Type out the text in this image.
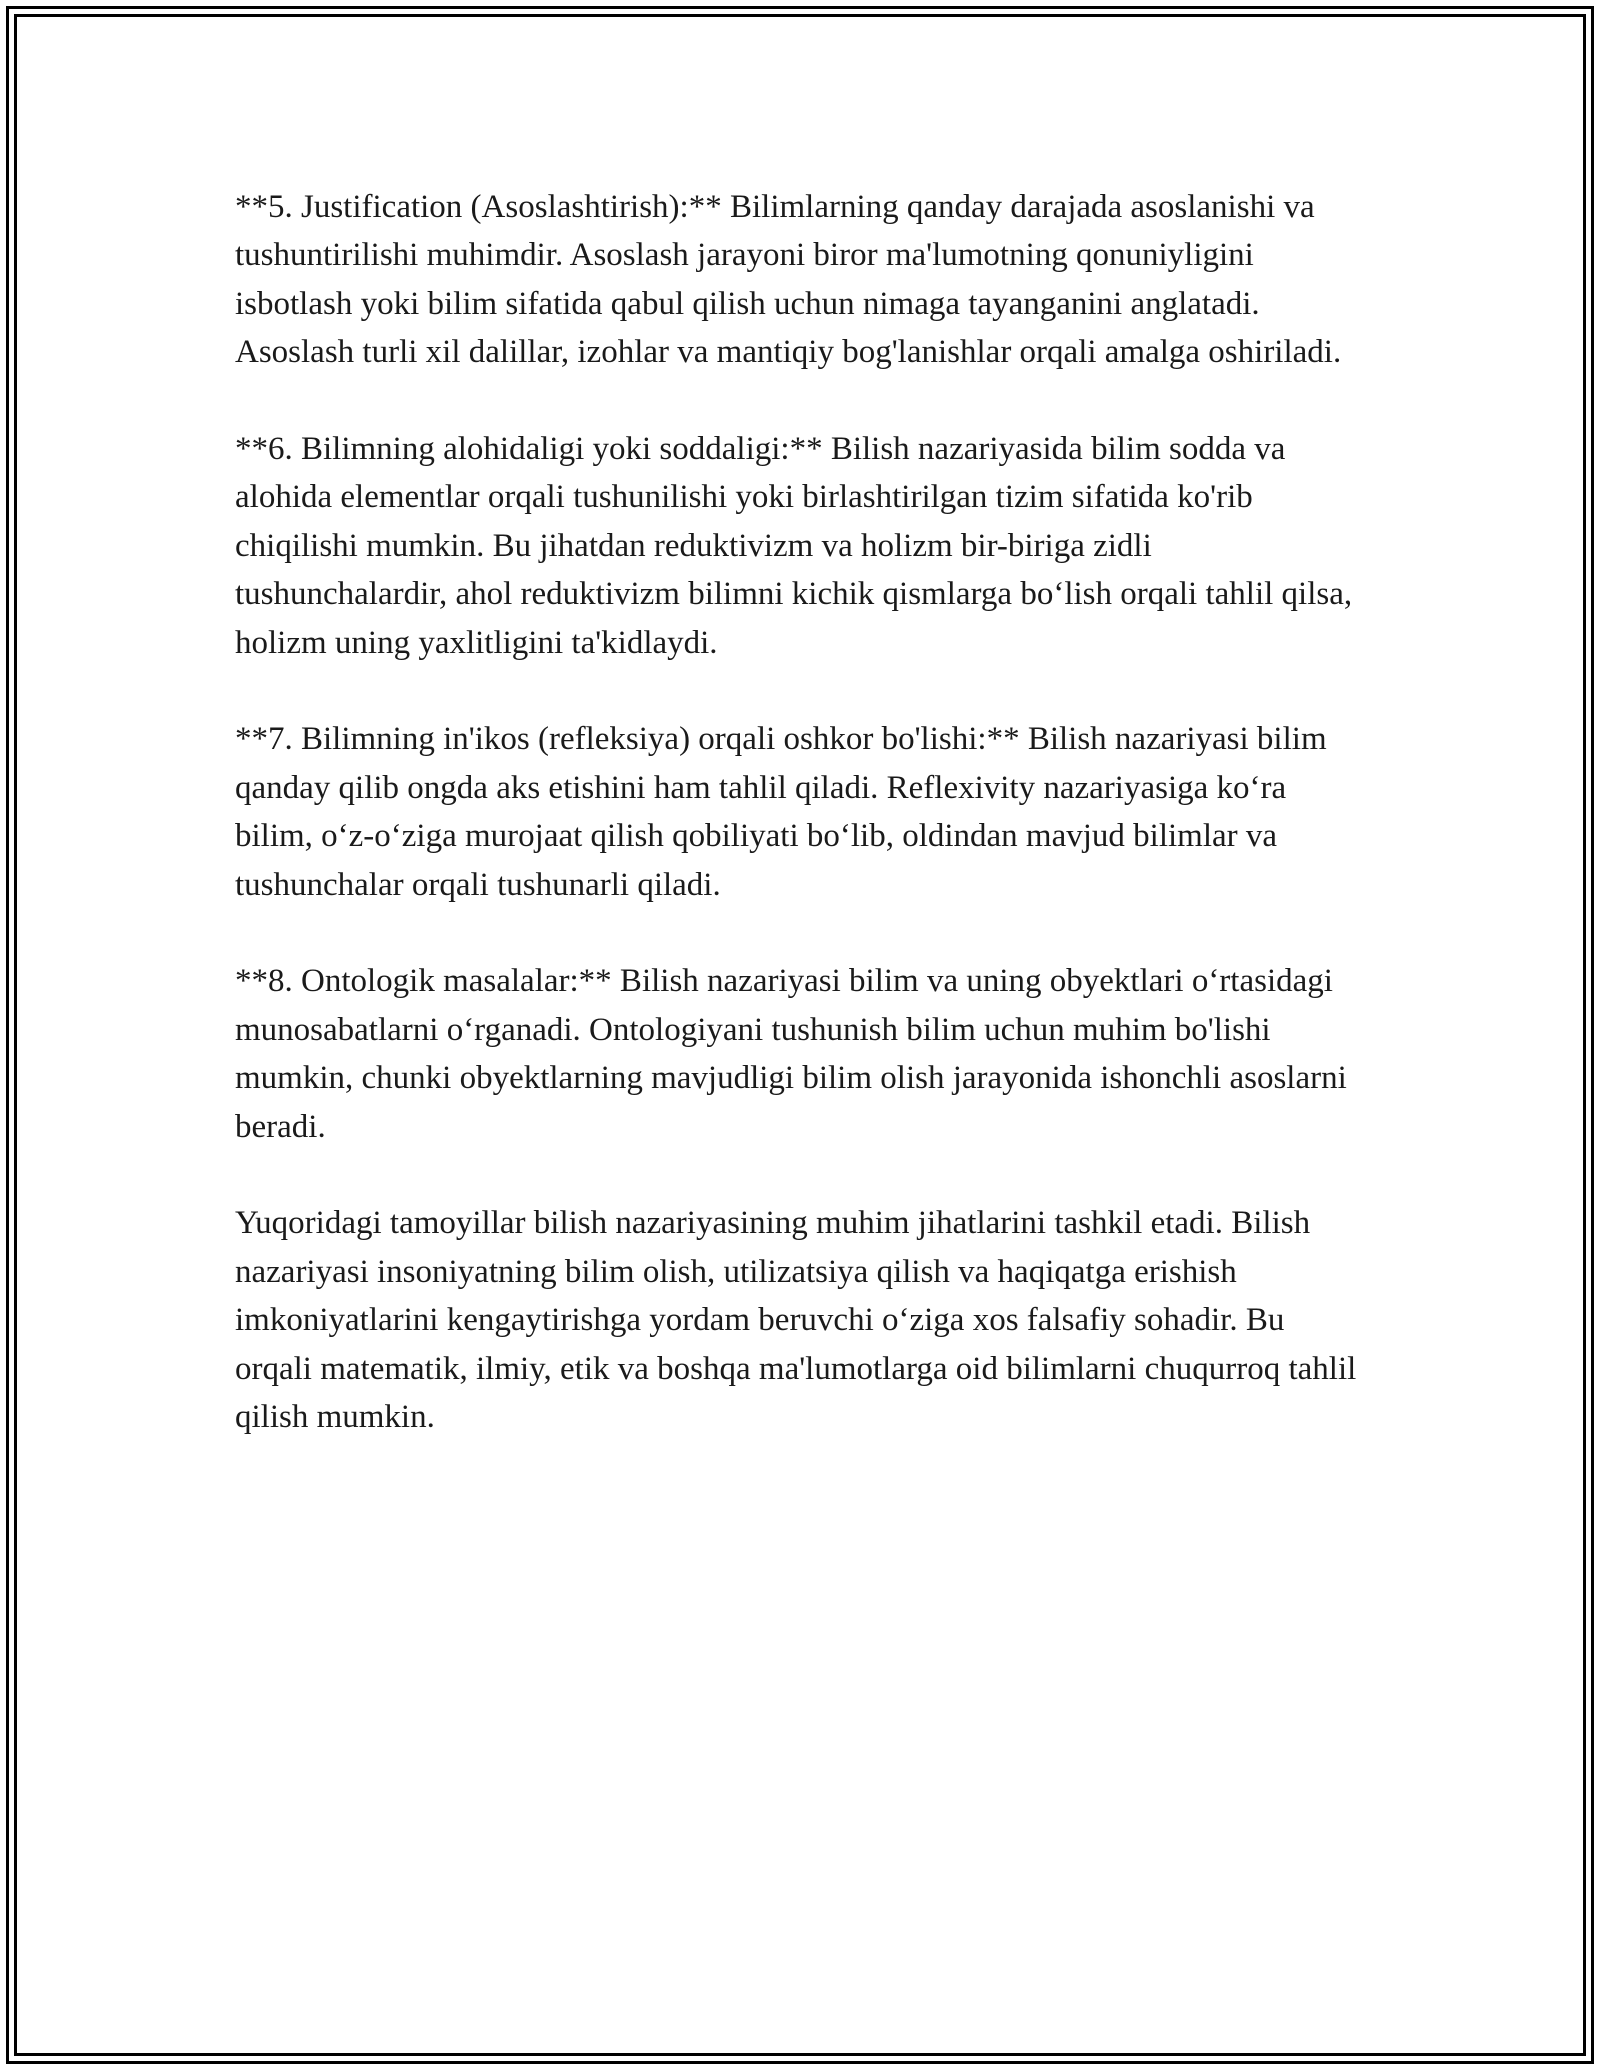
**5. Justification (Asoslashtirish):** Bilimlarning qanday darajada asoslanishi va tushuntirilishi muhimdir. Asoslash jarayoni biror ma'lumotning qonuniyligini isbotlash yoki bilim sifatida qabul qilish uchun nimaga tayanganini anglatadi. Asoslash turli xil dalillar, izohlar va mantiqiy bog'lanishlar orqali amalga oshiriladi.

**6. Bilimning alohidaligi yoki soddaligi:** Bilish nazariyasida bilim sodda va alohida elementlar orqali tushunilishi yoki birlashtirilgan tizim sifatida ko'rib chiqilishi mumkin. Bu jihatdan reduktivizm va holizm bir-biriga zidli tushunchalardir, ahol reduktivizm bilimni kichik qismlarga bo‘lish orqali tahlil qilsa, holizm uning yaxlitligini ta'kidlaydi.

**7. Bilimning in'ikos (refleksiya) orqali oshkor bo'lishi:** Bilish nazariyasi bilim qanday qilib ongda aks etishini ham tahlil qiladi. Reflexivity nazariyasiga ko‘ra bilim, o‘z-o‘ziga murojaat qilish qobiliyati bo‘lib, oldindan mavjud bilimlar va tushunchalar orqali tushunarli qiladi.

**8. Ontologik masalalar:** Bilish nazariyasi bilim va uning obyektlari o‘rtasidagi munosabatlarni o‘rganadi. Ontologiyani tushunish bilim uchun muhim bo'lishi mumkin, chunki obyektlarning mavjudligi bilim olish jarayonida ishonchli asoslarni beradi.

Yuqoridagi tamoyillar bilish nazariyasining muhim jihatlarini tashkil etadi. Bilish nazariyasi insoniyatning bilim olish, utilizatsiya qilish va haqiqatga erishish imkoniyatlarini kengaytirishga yordam beruvchi o‘ziga xos falsafiy sohadir. Bu orqali matematik, ilmiy, etik va boshqa ma'lumotlarga oid bilimlarni chuqurroq tahlil qilish mumkin.
